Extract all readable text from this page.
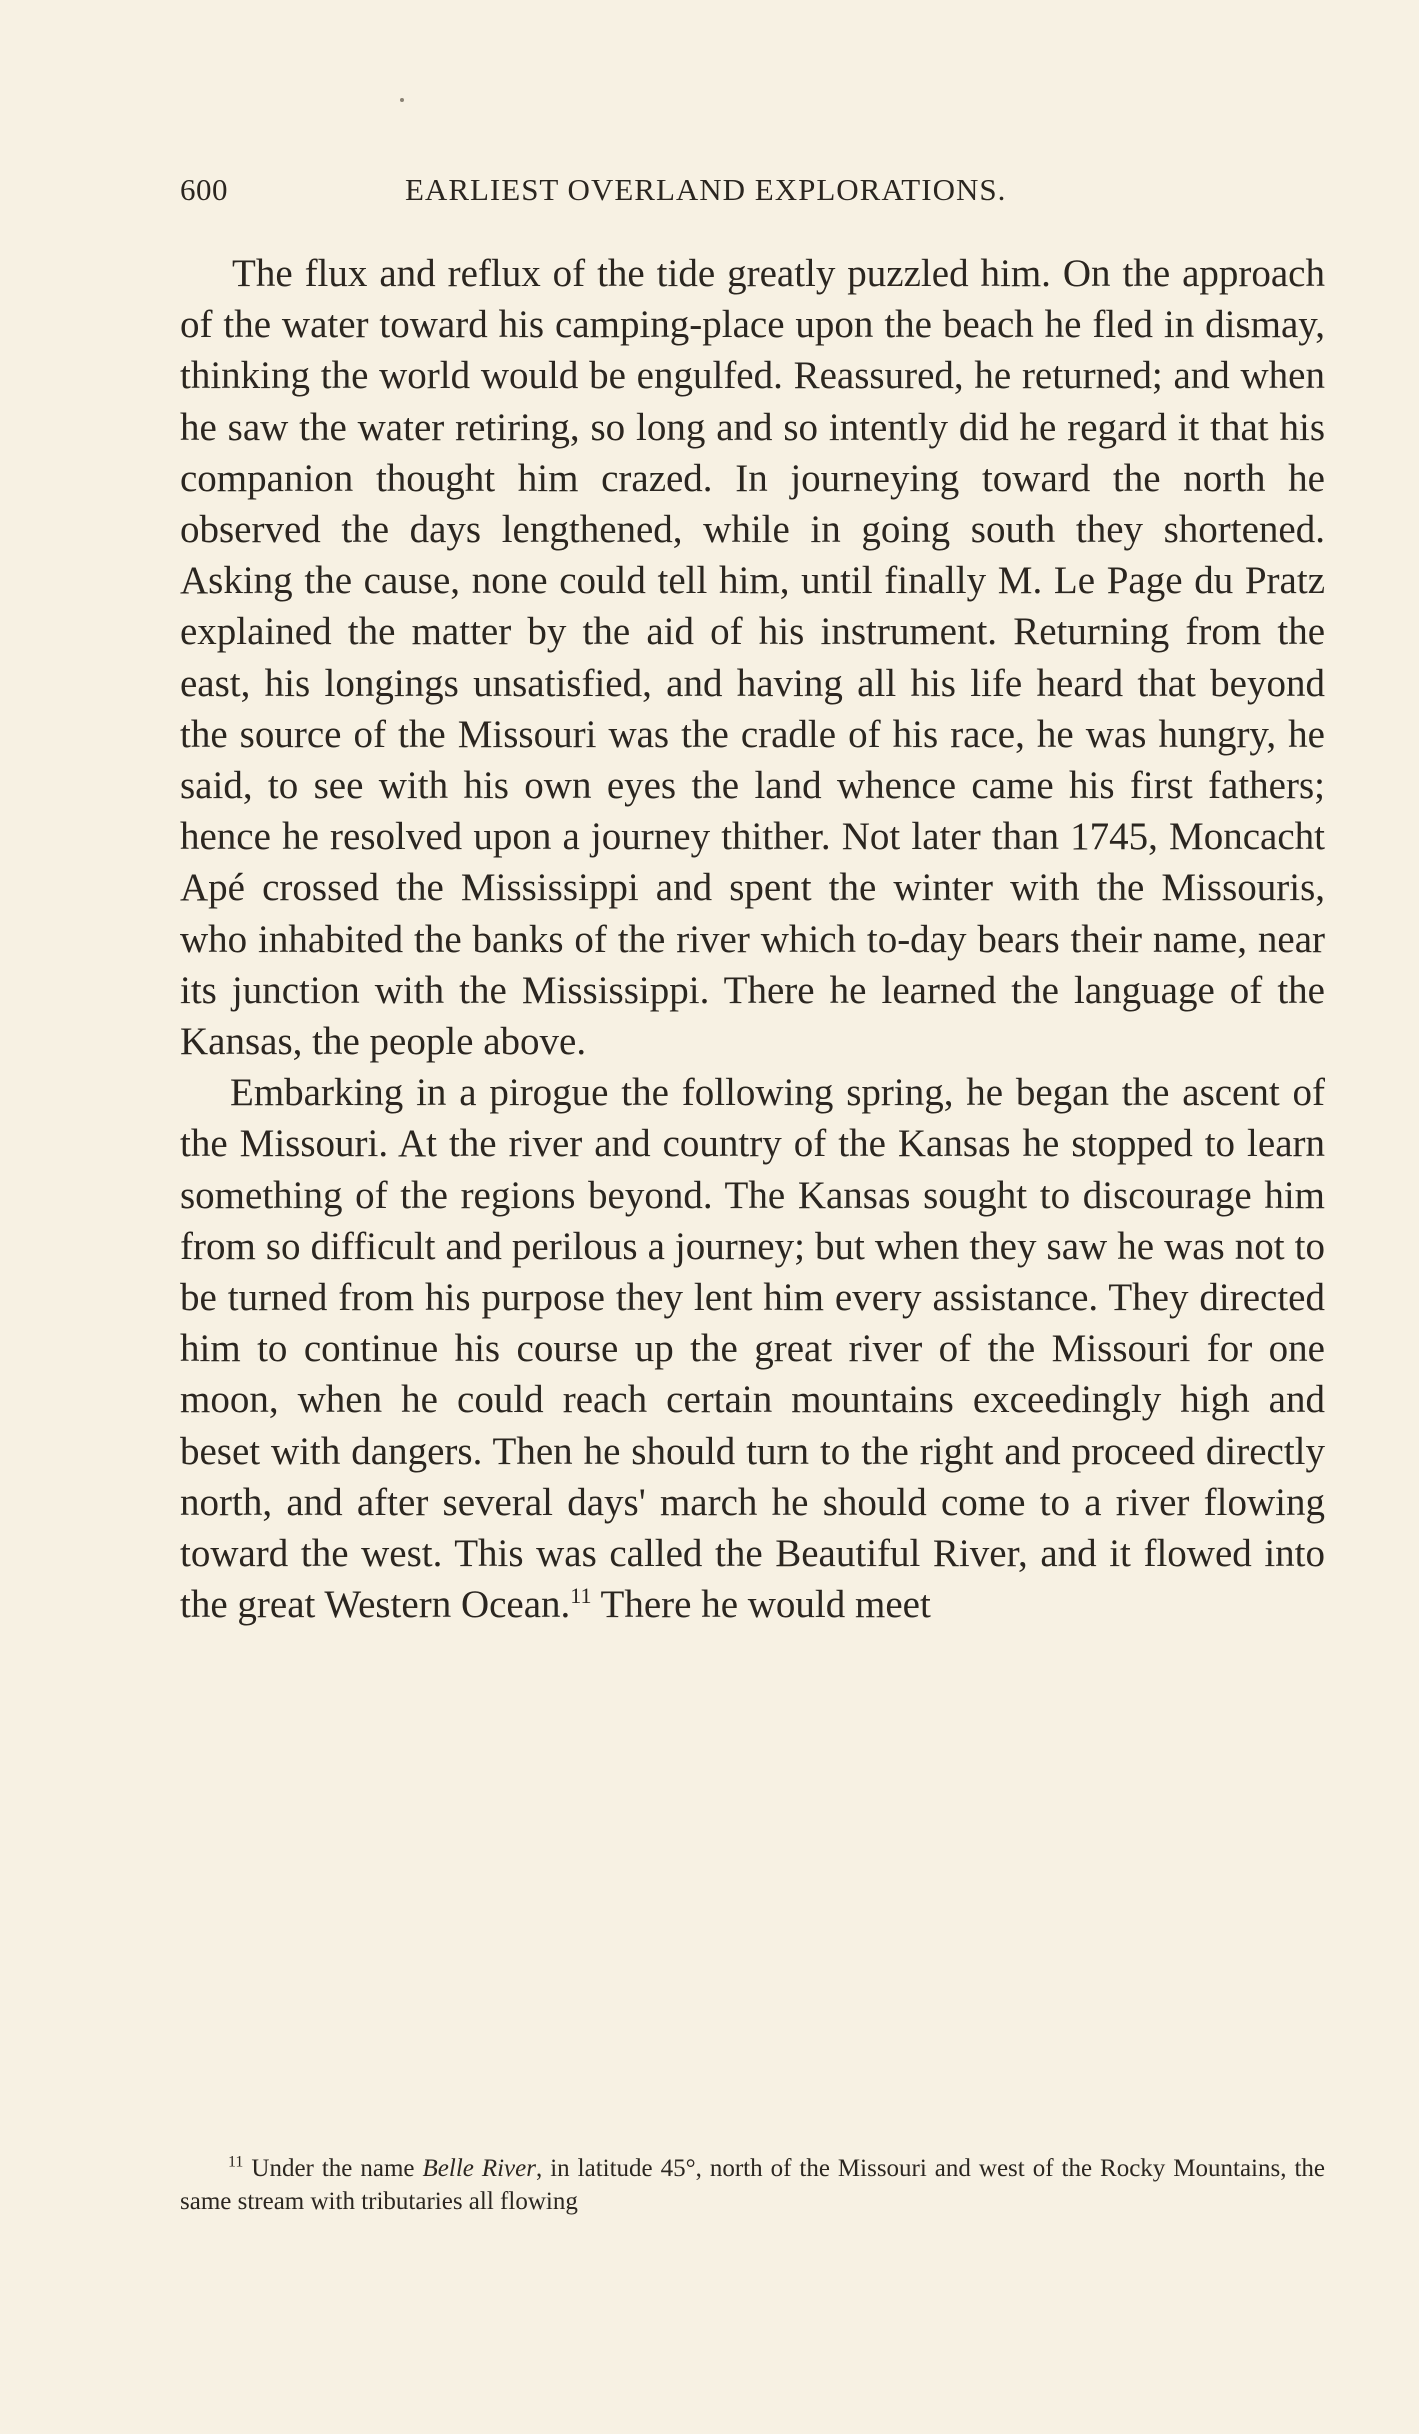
600	EARLIEST OVERLAND EXPLORATIONS.

The flux and reflux of the tide greatly puzzled him. On the approach of the water toward his camping-place upon the beach he fled in dismay, thinking the world would be engulfed. Reassured, he returned; and when he saw the water retiring, so long and so intently did he regard it that his companion thought him crazed. In journeying toward the north he observed the days lengthened, while in going south they shortened. Asking the cause, none could tell him, until finally M. Le Page du Pratz explained the matter by the aid of his instrument. Returning from the east, his longings unsatisfied, and having all his life heard that beyond the source of the Missouri was the cradle of his race, he was hungry, he said, to see with his own eyes the land whence came his first fathers; hence he resolved upon a journey thither. Not later than 1745, Moncacht Apé crossed the Mississippi and spent the winter with the Missouris, who inhabited the banks of the river which to-day bears their name, near its junction with the Mississippi. There he learned the language of the Kansas, the people above.

Embarking in a pirogue the following spring, he began the ascent of the Missouri. At the river and country of the Kansas he stopped to learn something of the regions beyond. The Kansas sought to discourage him from so difficult and perilous a journey; but when they saw he was not to be turned from his purpose they lent him every assistance. They directed him to continue his course up the great river of the Missouri for one moon, when he could reach certain mountains exceedingly high and beset with dangers. Then he should turn to the right and proceed directly north, and after several days' march he should come to a river flowing toward the west. This was called the Beautiful River, and it flowed into the great Western Ocean.$^{11}$ There he would meet

$^{11}$ Under the name Belle River, in latitude 45°, north of the Missouri and west of the Rocky Mountains, the same stream with tributaries all flowing
